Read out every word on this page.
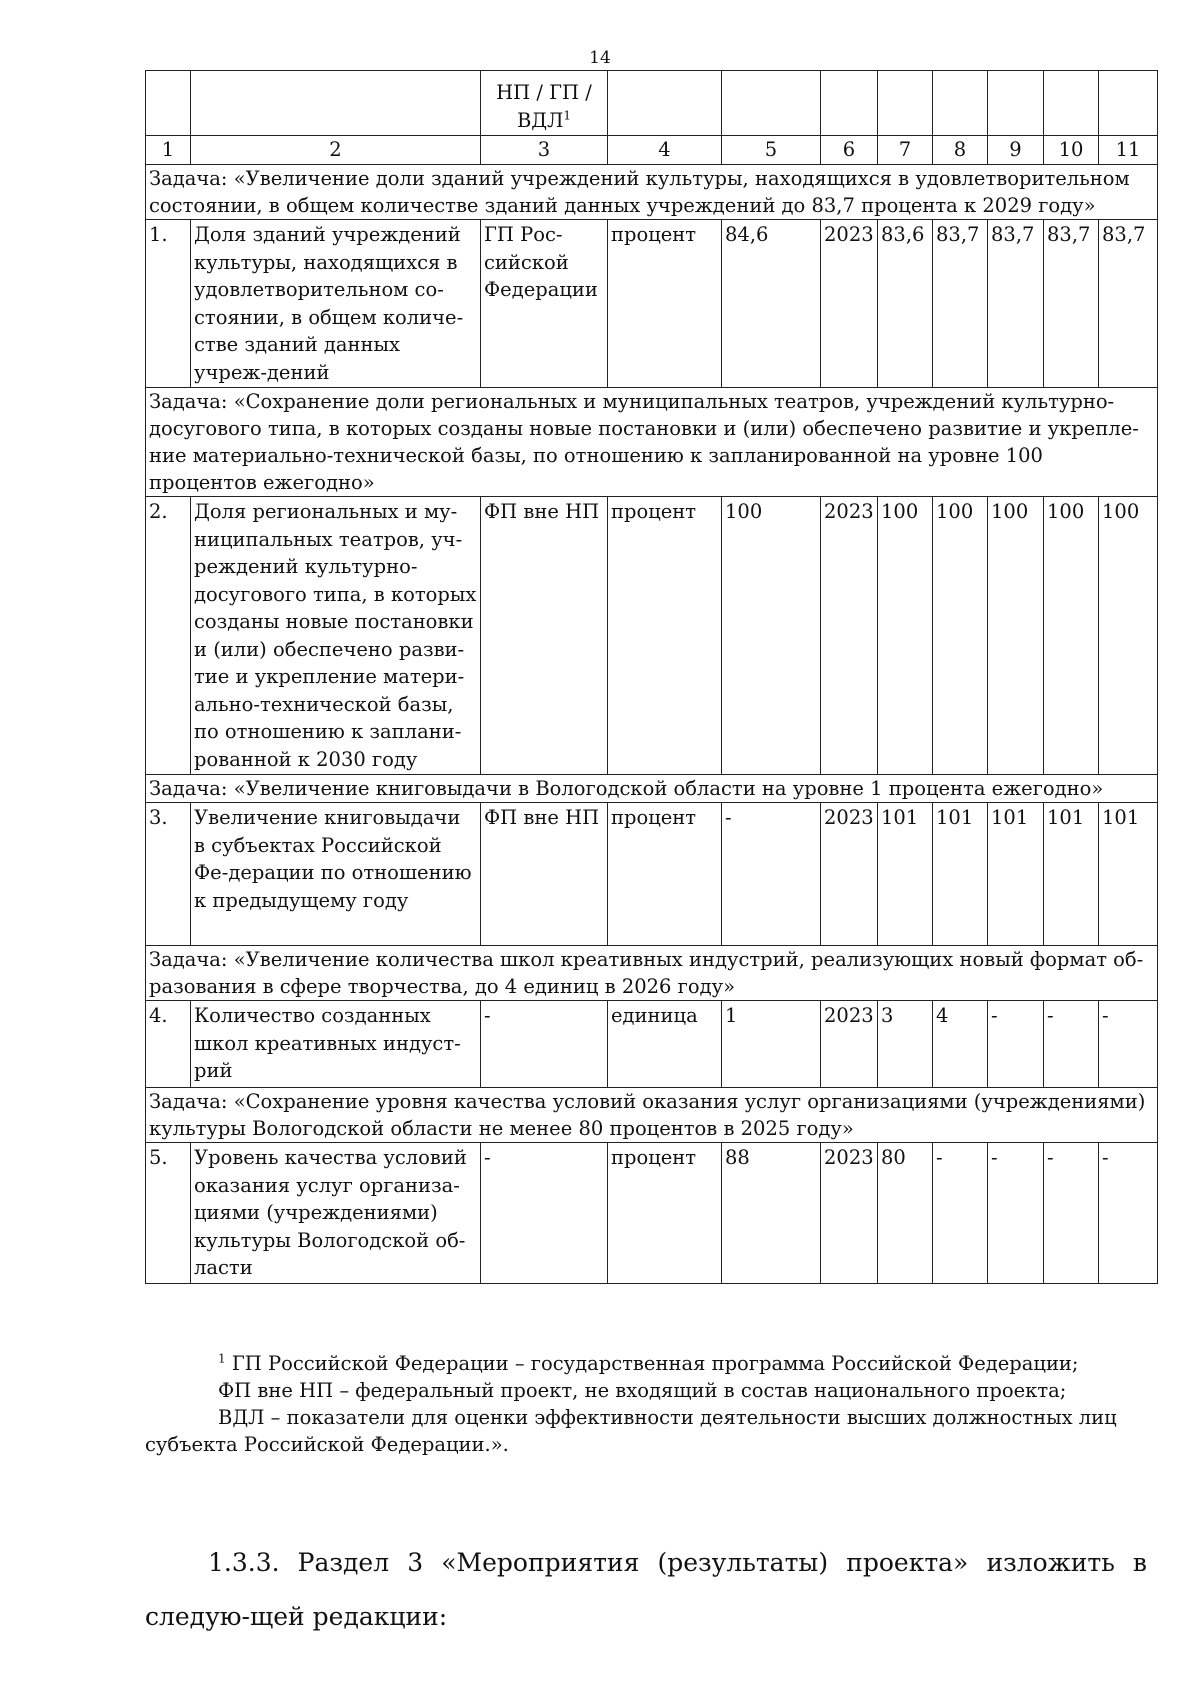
14
		НП / ГП /
ВДЛ$^1$								
1	2	3	4	5	6	7	8	9	10	11
Задача: «Увеличение доли зданий учреждений культуры, находящихся в удовлетворительном состоянии, в общем количестве зданий данных учреждений до 83,7 процента к 2029 году»										
1.	Доля зданий учреждений культуры, находящихся в удовлетворительном со-стоянии, в общем количе-стве зданий данных учреж-дений	ГП Рос-сийской Федерации	процент	84,6	2023	83,6	83,7	83,7	83,7	83,7
Задача: «Сохранение доли региональных и муниципальных театров, учреждений культурно-досугового типа, в которых созданы новые постановки и (или) обеспечено развитие и укрепле-ние материально-технической базы, по отношению к запланированной на уровне 100 процентов ежегодно»										
2.	Доля региональных и му-ниципальных театров, уч-реждений культурно-досугового типа, в которых созданы новые постановки и (или) обеспечено разви-тие и укрепление матери-ально-технической базы, по отношению к заплани-рованной к 2030 году	ФП вне НП	процент	100	2023	100	100	100	100	100
Задача: «Увеличение книговыдачи в Вологодской области на уровне 1 процента ежегодно»										
3.	Увеличение книговыдачи в субъектах Российской Фе-дерации по отношению к предыдущему году	ФП вне НП	процент	-	2023	101	101	101	101	101
Задача: «Увеличение количества школ креативных индустрий, реализующих новый формат об-разования в сфере творчества, до 4 единиц в 2026 году»										
4.	Количество созданных школ креативных индуст-рий	-	единица	1	2023	3	4	-	-	-
Задача: «Сохранение уровня качества условий оказания услуг организациями (учреждениями) культуры Вологодской области не менее 80 процентов в 2025 году»										
5.	Уровень качества условий оказания услуг организа-циями (учреждениями) культуры Вологодской об-ласти	-	процент	88	2023	80	-	-	-	-

$^1$ ГП Российской Федерации – государственная программа Российской Федерации;

ФП вне НП – федеральный проект, не входящий в состав национального проекта;

ВДЛ – показатели для оценки эффективности деятельности высших должностных лиц субъекта Российской Федерации.».

1.3.3. Раздел 3 «Мероприятия (результаты) проекта» изложить в следую-щей редакции:
